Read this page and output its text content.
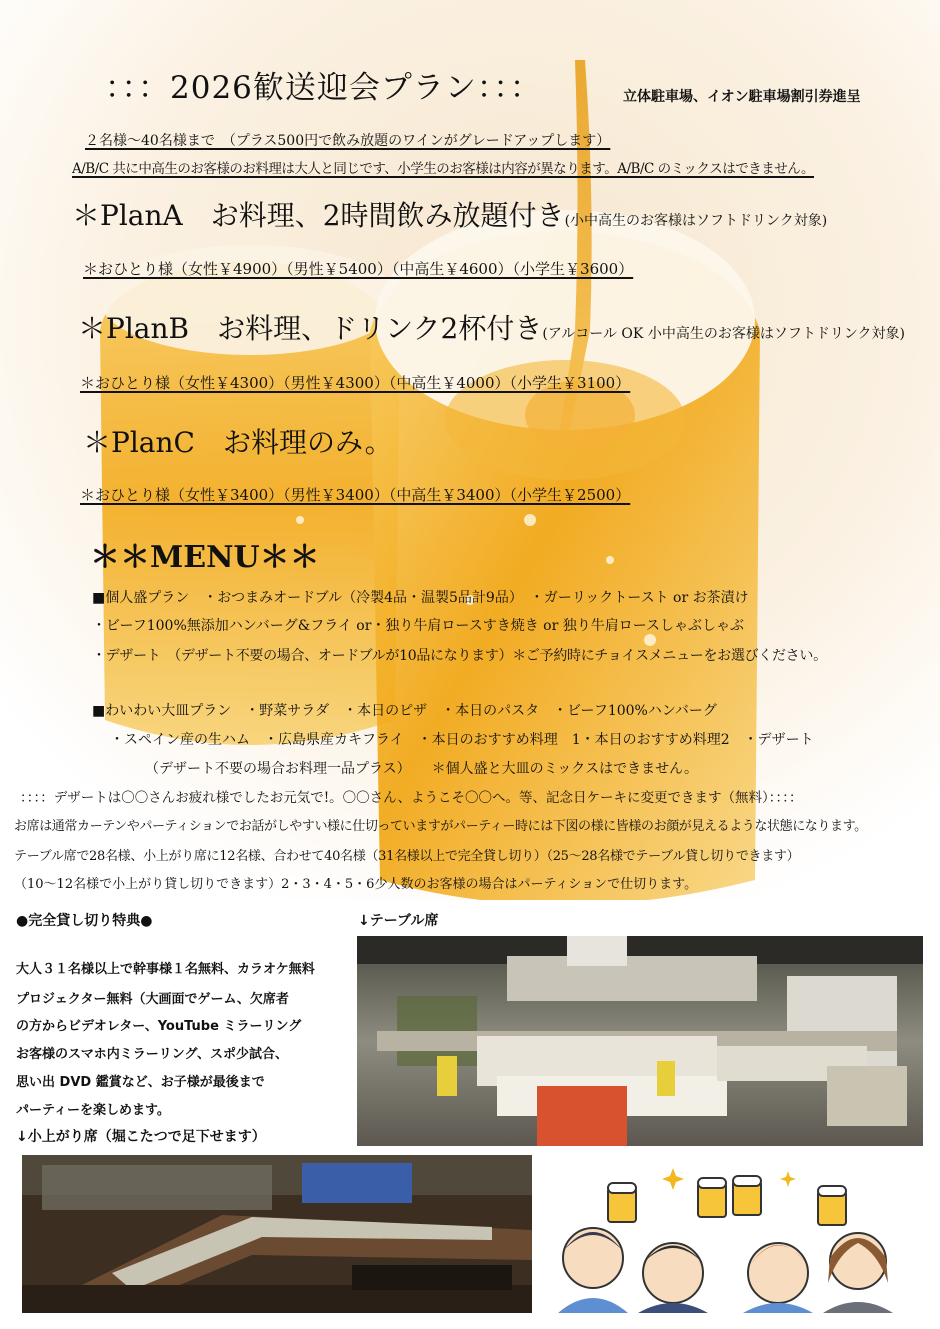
：：：2026歓送迎会プラン：：：	立体駐車場、イオン駐車場割引券進呈
２名様～40名様まで　（プラス500円で飲み放題のワインがグレードアップします）
A/B/C 共に中高生のお客様のお料理は大人と同じです、小学生のお客様は内容が異なります。A/B/C のミックスはできません。
＊PlanA　お料理、2時間飲み放題付き(小中高生のお客様はソフトドリンク対象)
＊おひとり様（女性￥4900）（男性￥5400）（中高生￥4600）（小学生￥3600）
＊PlanB　お料理、ドリンク2杯付き(アルコール OK 小中高生のお客様はソフトドリンク対象)
＊おひとり様（女性￥4300）（男性￥4300）（中高生￥4000）（小学生￥3100）
＊PlanC　お料理のみ。
＊おひとり様（女性￥3400）（男性￥3400）（中高生￥3400）（小学生￥2500）
＊＊MENU＊＊
■個人盛プラン　・おつまみオードブル（冷製4品・温製5品計9品）　・ガーリックトースト or お茶漬け
・ビーフ100%無添加ハンバーグ&フライ or・独り牛肩ロースすき焼き or 独り牛肩ロースしゃぶしゃぶ
・デザート　（デザート不要の場合、オードブルが10品になります）＊ご予約時にチョイスメニューをお選びください。
■わいわい大皿プラン　・野菜サラダ　・本日のピザ　・本日のパスタ　・ビーフ100%ハンバーグ
・スペイン産の生ハム　・広島県産カキフライ　・本日のおすすめ料理　1・本日のおすすめ料理2　・デザート
（デザート不要の場合お料理一品プラス）　　＊個人盛と大皿のミックスはできません。
：：：：デザートは〇〇さんお疲れ様でしたお元気で!。〇〇さん、ようこそ〇〇へ。等、記念日ケーキに変更できます（無料）：：：：
お席は通常カーテンやパーティションでお話がしやすい様に仕切っていますがパーティー時には下図の様に皆様のお顔が見えるような状態になります。
テーブル席で28名様、小上がり席に12名様、合わせて40名様（31名様以上で完全貸し切り）（25～28名様でテーブル貸し切りできます）
（10～12名様で小上がり貸し切りできます）2・3・4・5・6少人数のお客様の場合はパーティションで仕切ります。
●完全貸し切り特典●	↓テーブル席
大人３１名様以上で幹事様１名無料、カラオケ無料
プロジェクター無料（大画面でゲーム、欠席者
の方からビデオレター、YouTube ミラーリング
お客様のスマホ内ミラーリング、スポ少試合、
思い出 DVD 鑑賞など、お子様が最後まで
パーティーを楽しめます。
↓小上がり席（堀こたつで足下せます）
